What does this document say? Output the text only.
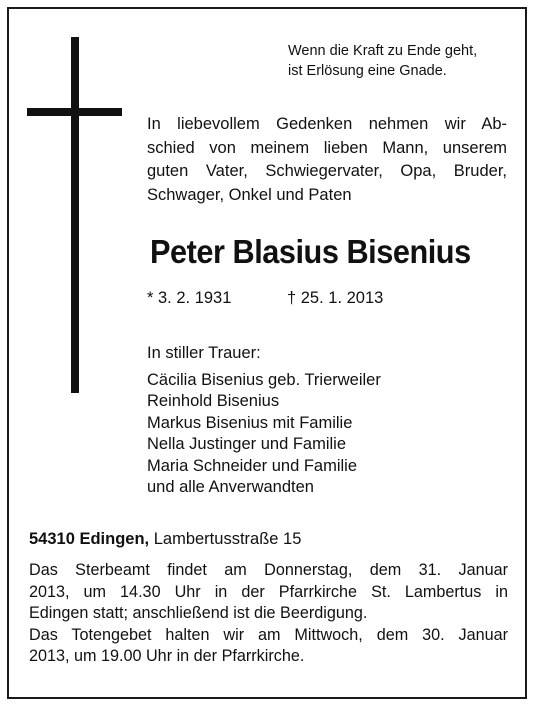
Wenn die Kraft zu Ende geht,
ist Erlösung eine Gnade.
In liebevollem Gedenken nehmen wir Ab-
schied von meinem lieben Mann, unserem
guten Vater, Schwiegervater, Opa, Bruder,
Schwager, Onkel und Paten
Peter Blasius Bisenius
* 3. 2. 1931	† 25. 1. 2013
In stiller Trauer:
Cäcilia Bisenius geb. Trierweiler
Reinhold Bisenius
Markus Bisenius mit Familie
Nella Justinger und Familie
Maria Schneider und Familie
und alle Anverwandten
54310 Edingen, Lambertusstraße 15
Das Sterbeamt findet am Donnerstag, dem 31. Januar
2013, um 14.30 Uhr in der Pfarrkirche St. Lambertus in
Edingen statt; anschließend ist die Beerdigung.
Das Totengebet halten wir am Mittwoch, dem 30. Januar
2013, um 19.00 Uhr in der Pfarrkirche.
